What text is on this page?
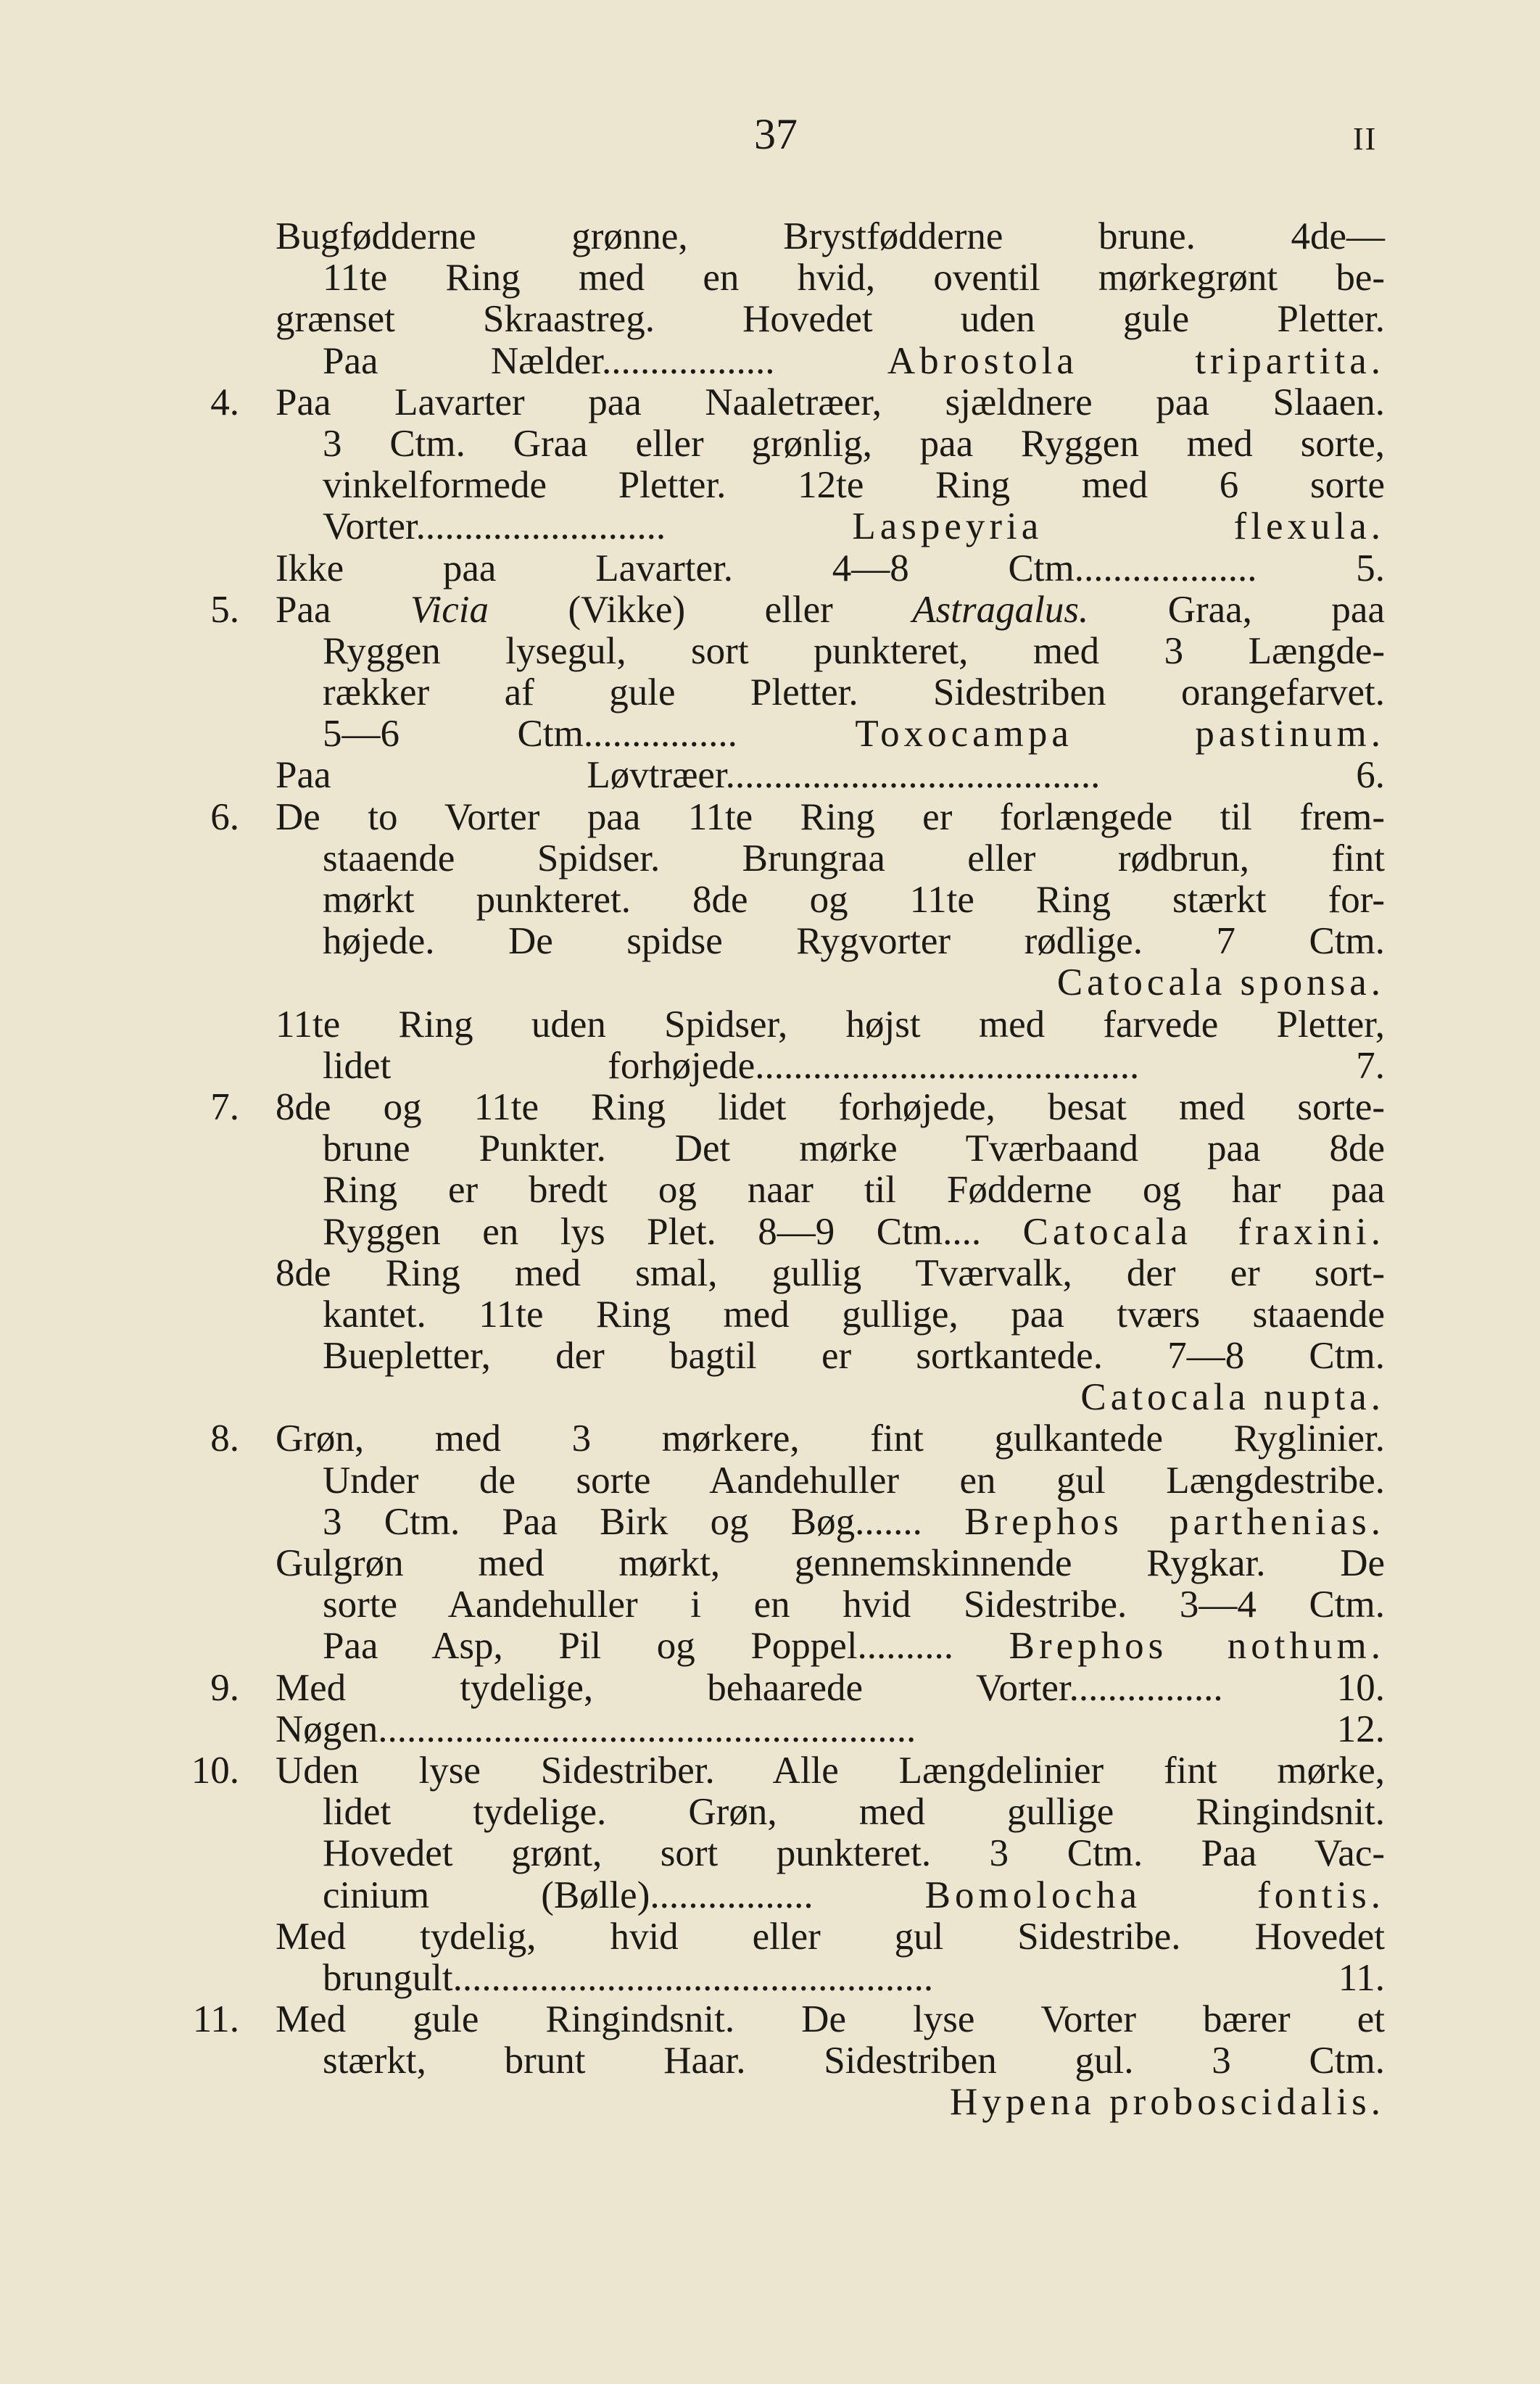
37	II
Bugfødderne grønne, Brystfødderne brune. 4de—
11te Ring med en hvid, oventil mørkegrønt be-
grænset Skraastreg. Hovedet uden gule Pletter.
Paa Nælder.................. Abrostola tripartita.
4. Paa Lavarter paa Naaletræer, sjældnere paa Slaaen.
3 Ctm. Graa eller grønlig, paa Ryggen med sorte,
vinkelformede Pletter. 12te Ring med 6 sorte
Vorter.......................... Laspeyria flexula.
Ikke paa Lavarter. 4—8 Ctm................... 5.
5. Paa Vicia (Vikke) eller Astragalus. Graa, paa
Ryggen lysegul, sort punkteret, med 3 Længde-
rækker af gule Pletter. Sidestriben orangefarvet.
5—6 Ctm................ Toxocampa pastinum.
Paa Løvtræer....................................... 6.
6. De to Vorter paa 11te Ring er forlængede til frem-
staaende Spidser. Brungraa eller rødbrun, fint
mørkt punkteret. 8de og 11te Ring stærkt for-
højede. De spidse Rygvorter rødlige. 7 Ctm.
Catocala sponsa.
11te Ring uden Spidser, højst med farvede Pletter,
lidet forhøjede........................................ 7.
7. 8de og 11te Ring lidet forhøjede, besat med sorte-
brune Punkter. Det mørke Tværbaand paa 8de
Ring er bredt og naar til Fødderne og har paa
Ryggen en lys Plet. 8—9 Ctm.... Catocala fraxini.
8de Ring med smal, gullig Tværvalk, der er sort-
kantet. 11te Ring med gullige, paa tværs staaende
Buepletter, der bagtil er sortkantede. 7—8 Ctm.
Catocala nupta.
8. Grøn, med 3 mørkere, fint gulkantede Ryglinier.
Under de sorte Aandehuller en gul Længdestribe.
3 Ctm. Paa Birk og Bøg....... Brephos parthenias.
Gulgrøn med mørkt, gennemskinnende Rygkar. De
sorte Aandehuller i en hvid Sidestribe. 3—4 Ctm.
Paa Asp, Pil og Poppel.......... Brephos nothum.
9. Med tydelige, behaarede Vorter................ 10.
Nøgen........................................................ 12.
10. Uden lyse Sidestriber. Alle Længdelinier fint mørke,
lidet tydelige. Grøn, med gullige Ringindsnit.
Hovedet grønt, sort punkteret. 3 Ctm. Paa Vac-
cinium (Bølle)................. Bomolocha fontis.
Med tydelig, hvid eller gul Sidestribe. Hovedet
brungult.................................................. 11.
11. Med gule Ringindsnit. De lyse Vorter bærer et
stærkt, brunt Haar. Sidestriben gul. 3 Ctm.
Hypena proboscidalis.
